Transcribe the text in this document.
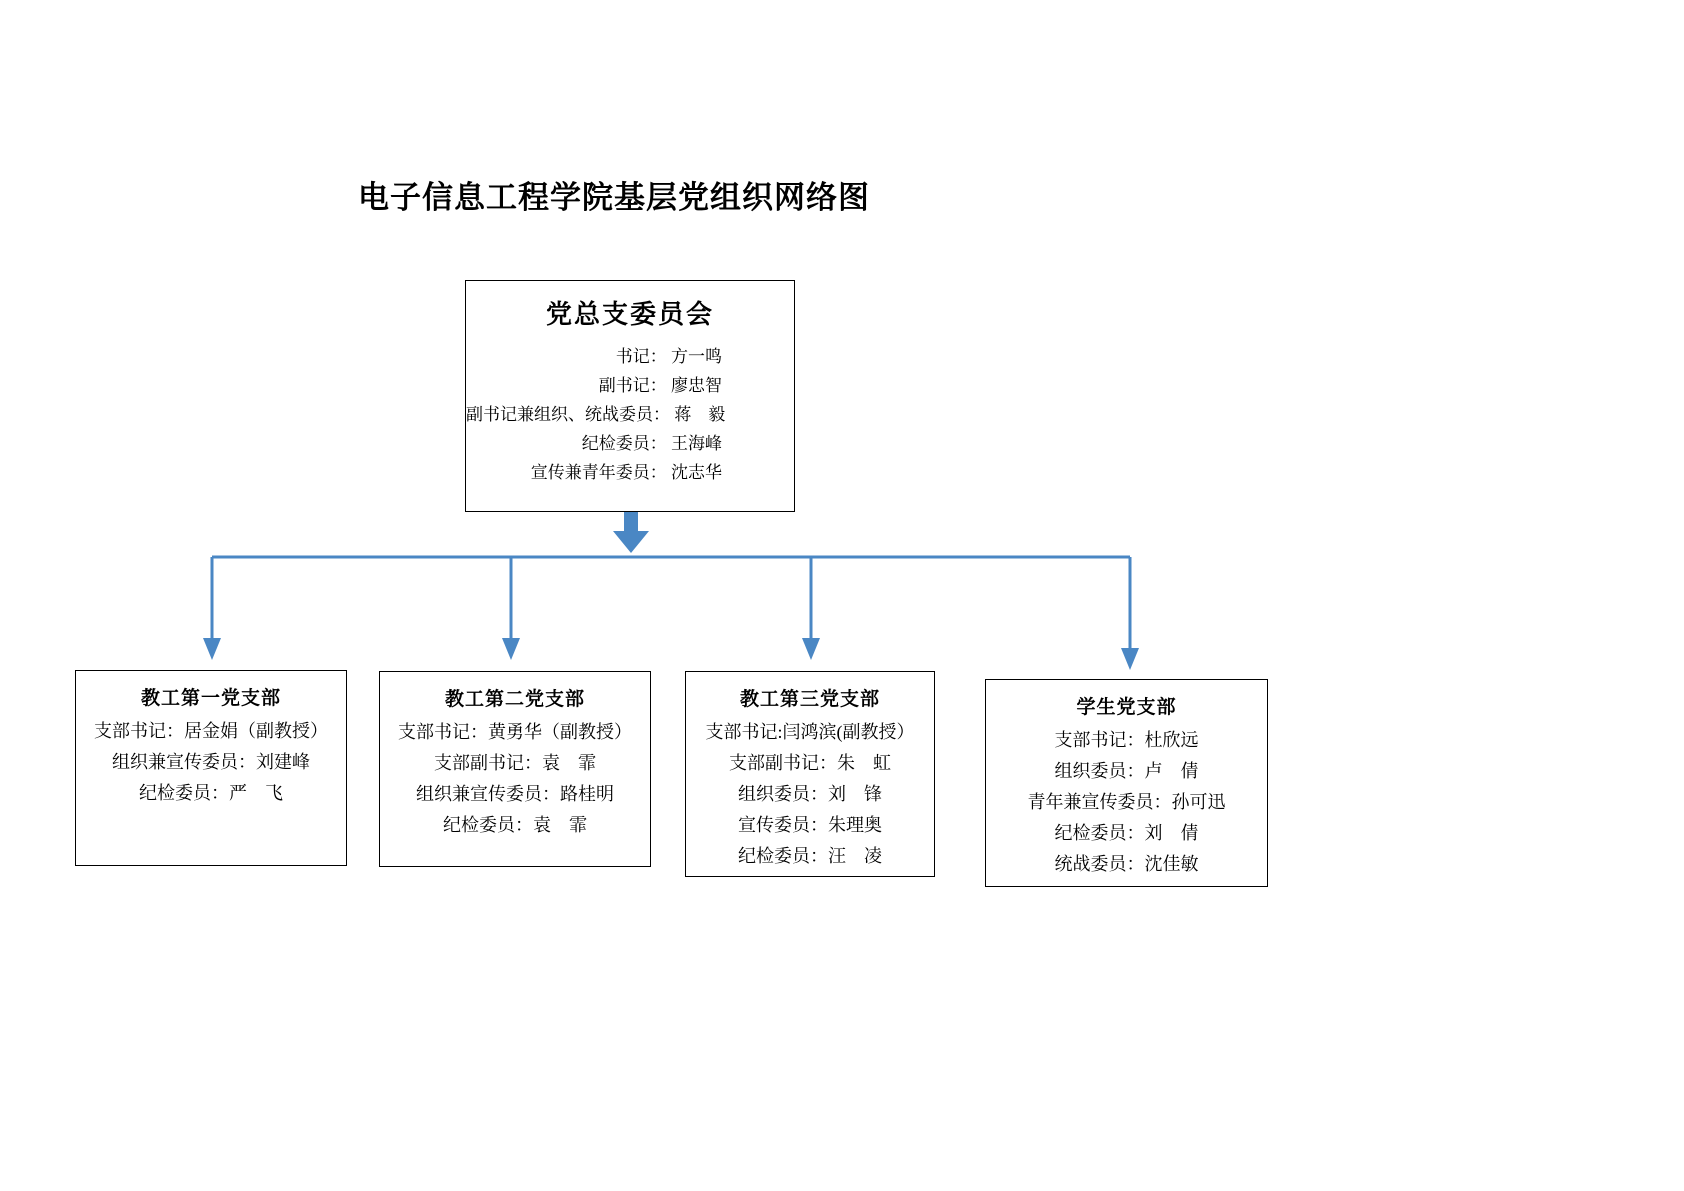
电子信息工程学院基层党组织网络图
党总支委员会
书记： 方一鸣
副书记： 廖忠智
副书记兼组织、统战委员： 蒋　毅
纪检委员： 王海峰
宣传兼青年委员： 沈志华
教工第一党支部
支部书记：居金娟（副教授）
组织兼宣传委员：刘建峰
纪检委员：严　飞
教工第二党支部
支部书记：黄勇华（副教授）
支部副书记：袁　霏
组织兼宣传委员：路桂明
纪检委员：袁　霏
教工第三党支部
支部书记:闫鸿滨(副教授）
支部副书记：朱　虹
组织委员：刘　锋
宣传委员：朱理奥
纪检委员：汪　凌
学生党支部
支部书记：杜欣远
组织委员：卢　倩
青年兼宣传委员：孙可迅
纪检委员：刘　倩
统战委员：沈佳敏
